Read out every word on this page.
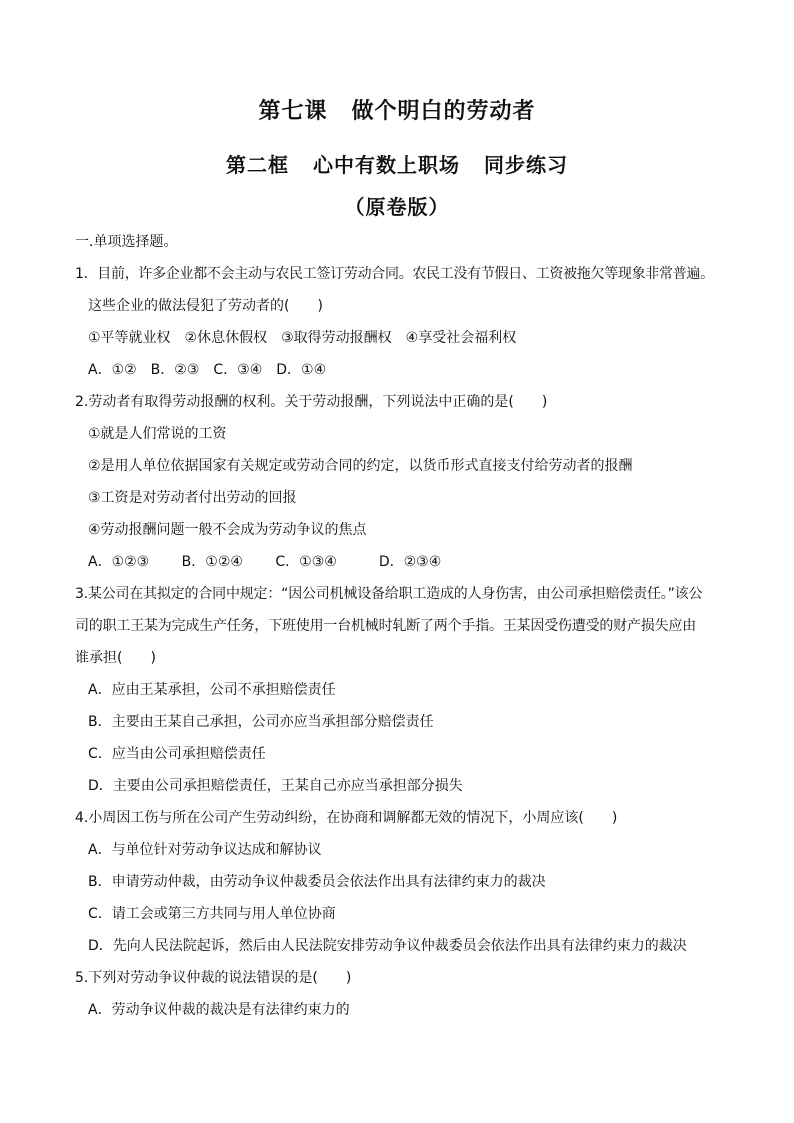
第七课 做个明白的劳动者
第二框 心中有数上职场 同步练习
（原卷版）
一.单项选择题。
1．目前，许多企业都不会主动与农民工签订劳动合同。农民工没有节假日、工资被拖欠等现象非常普遍。
这些企业的做法侵犯了劳动者的(　　)
①平等就业权　②休息休假权　③取得劳动报酬权　④享受社会福利权
A．①②　B．②③　C．③④　D．①④
2.劳动者有取得劳动报酬的权利。关于劳动报酬，下列说法中正确的是(　　)
①就是人们常说的工资
②是用人单位依据国家有关规定或劳动合同的约定，以货币形式直接支付给劳动者的报酬
③工资是对劳动者付出劳动的回报
④劳动报酬问题一般不会成为劳动争议的焦点
A．①②③　　 B．①②④　　 C．①③④　　　D．②③④
3.某公司在其拟定的合同中规定：“因公司机械设备给职工造成的人身伤害，由公司承担赔偿责任。”该公
司的职工王某为完成生产任务，下班使用一台机械时轧断了两个手指。王某因受伤遭受的财产损失应由
谁承担(　　)
A．应由王某承担，公司不承担赔偿责任
B．主要由王某自己承担，公司亦应当承担部分赔偿责任
C．应当由公司承担赔偿责任
D．主要由公司承担赔偿责任，王某自己亦应当承担部分损失
4.小周因工伤与所在公司产生劳动纠纷，在协商和调解都无效的情况下，小周应该(　　)
A．与单位针对劳动争议达成和解协议
B．申请劳动仲裁，由劳动争议仲裁委员会依法作出具有法律约束力的裁决
C．请工会或第三方共同与用人单位协商
D．先向人民法院起诉，然后由人民法院安排劳动争议仲裁委员会依法作出具有法律约束力的裁决
5.下列对劳动争议仲裁的说法错误的是(　　)
A．劳动争议仲裁的裁决是有法律约束力的
